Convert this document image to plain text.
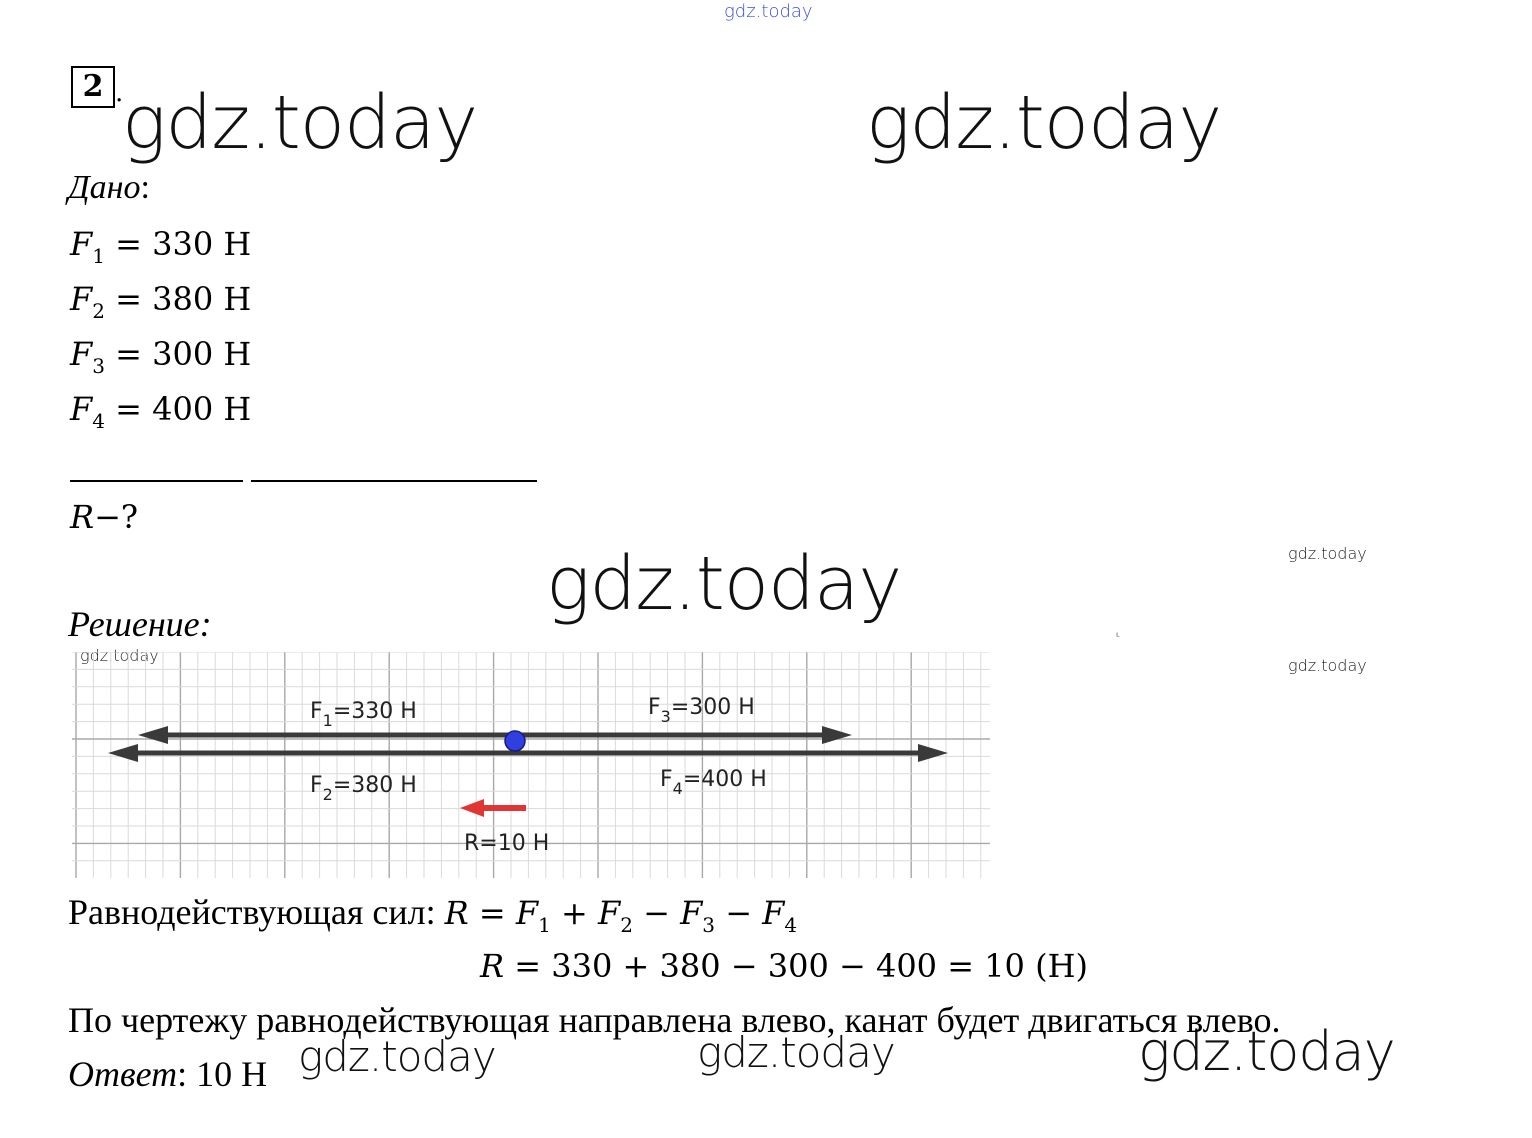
gdz.today
gdz.today	gdz.today
gdz.today	gdz.today
gdz.today
gdz.today
gdz.today	gdz.today	gdz.today
ᒻ
2 .
Дано:
$F_1 = 330$ Н
$F_2 = 380$ Н
$F_3 = 300$ Н
$F_4 = 400$ Н
R−?
Решение:
$F_1=330$ Н	$F_3=300$ Н
$F_2=380$ Н	$F_4=400$ Н
R=10 Н
Равнодействующая сил: $R = F_1 + F_2 - F_3 - F_4$
R = 330 + 380 − 300 − 400 = 10 (Н)
По чертежу равнодействующая направлена влево, канат будет двигаться влево.
Ответ: 10 Н
